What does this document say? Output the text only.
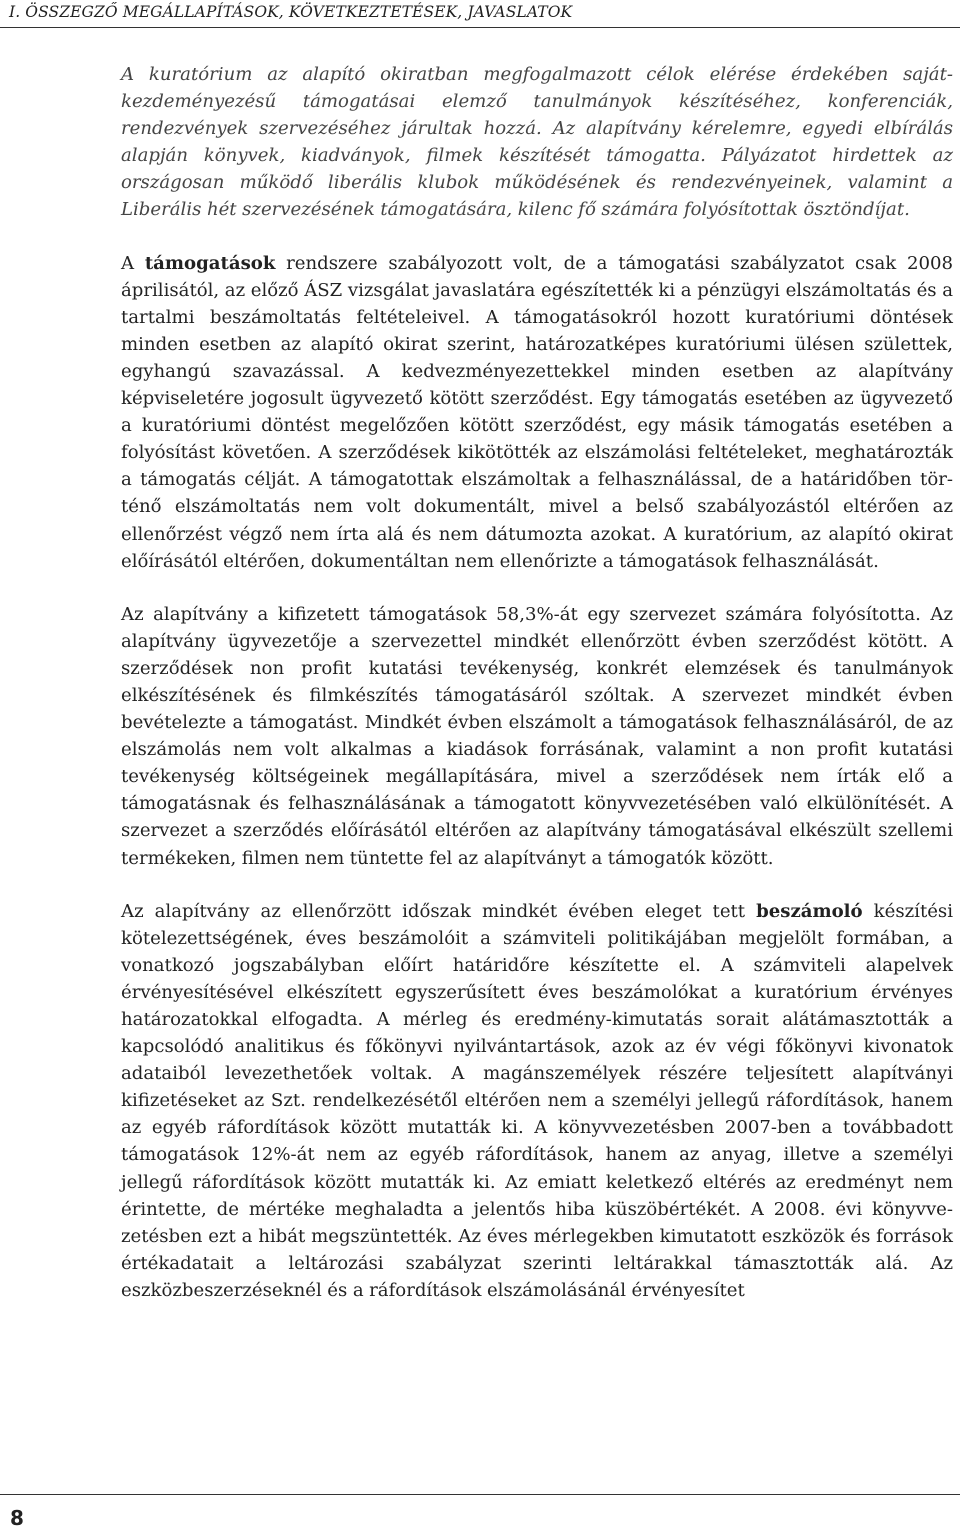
I. ÖSSZEGZŐ MEGÁLLAPÍTÁSOK, KÖVETKEZTETÉSEK, JAVASLATOK

A kuratórium az alapító okiratban megfogalmazott célok elérése érdekében sajátkezdeményezésű támogatásai elemző tanulmányok készítéséhez, konferenciák, rendezvények szervezéséhez járultak hozzá. Az alapítvány kérelemre, egyedi elbírálás alapján könyvek, kiadványok, filmek készítését támogatta. Pályázatot hirdettek az országosan működő liberális klubok működésének és rendezvényeinek, valamint a Liberális hét szervezésének támogatására, kilenc fő számára folyósítottak ösztöndíjat.

A támogatások rendszere szabályozott volt, de a támogatási szabályzatot csak 2008 áprilisától, az előző ÁSZ vizsgálat javaslatára egészítették ki a pénzügyi elszámoltatás és a tartalmi beszámoltatás feltételeivel. A támogatásokról hozott kuratóriumi döntések minden esetben az alapító okirat szerint, határozatképes kuratóriumi ülésen születtek, egyhangú szavazással. A kedvezményezettekkel minden esetben az alapítvány képviseletére jogosult ügyvezető kötött szerződést. Egy támogatás esetében az ügyvezető a kuratóriumi döntést megelőzően kötött szerződést, egy másik támogatás esetében a folyósítást követően. A szerződések kikötötték az elszámolási feltételeket, meghatározták a támogatás célját. A támogatottak elszámoltak a felhasználással, de a határidőben történő elszámoltatás nem volt dokumentált, mivel a belső szabályozástól eltérően az ellenőrzést végző nem írta alá és nem dátumozta azokat. A kuratórium, az alapító okirat előírásától eltérően, dokumentáltan nem ellenőrizte a támogatások felhasználását.

Az alapítvány a kifizetett támogatások 58,3%-át egy szervezet számára folyósította. Az alapítvány ügyvezetője a szervezettel mindkét ellenőrzött évben szerződést kötött. A szerződések non profit kutatási tevékenység, konkrét elemzések és tanulmányok elkészítésének és filmkészítés támogatásáról szóltak. A szervezet mindkét évben bevételezte a támogatást. Mindkét évben elszámolt a támogatások felhasználásáról, de az elszámolás nem volt alkalmas a kiadások forrásának, valamint a non profit kutatási tevékenység költségeinek megállapítására, mivel a szerződések nem írták elő a támogatásnak és felhasználásának a támogatott könyvvezetésében való elkülönítését. A szervezet a szerződés előírásától eltérően az alapítvány támogatásával elkészült szellemi termékeken, filmen nem tüntette fel az alapítványt a támogatók között.

Az alapítvány az ellenőrzött időszak mindkét évében eleget tett beszámoló készítési kötelezettségének, éves beszámolóit a számviteli politikájában megjelölt formában, a vonatkozó jogszabályban előírt határidőre készítette el. A számviteli alapelvek érvényesítésével elkészített egyszerűsített éves beszámolókat a kuratórium érvényes határozatokkal elfogadta. A mérleg és eredmény-kimutatás sorait alátámasztották a kapcsolódó analitikus és főkönyvi nyilvántartások, azok az év végi főkönyvi kivonatok adataiból levezethetőek voltak. A magánszemélyek részére teljesített alapítványi kifizetéseket az Szt. rendelkezésétől eltérően nem a személyi jellegű ráfordítások, hanem az egyéb ráfordítások között mutatták ki. A könyvvezetésben 2007-ben a továbbadott támogatások 12%-át nem az egyéb ráfordítások, hanem az anyag, illetve a személyi jellegű ráfordítások között mutatták ki. Az emiatt keletkező eltérés az eredményt nem érintette, de mértéke meghaladta a jelentős hiba küszöbértékét. A 2008. évi könyvvezetésben ezt a hibát megszüntették. Az éves mérlegekben kimutatott eszközök és források értékadatait a leltározási szabályzat szerinti leltárakkal támasztották alá. Az eszközbeszerzéseknél és a ráfordítások elszámolásánál érvényesítet

8
